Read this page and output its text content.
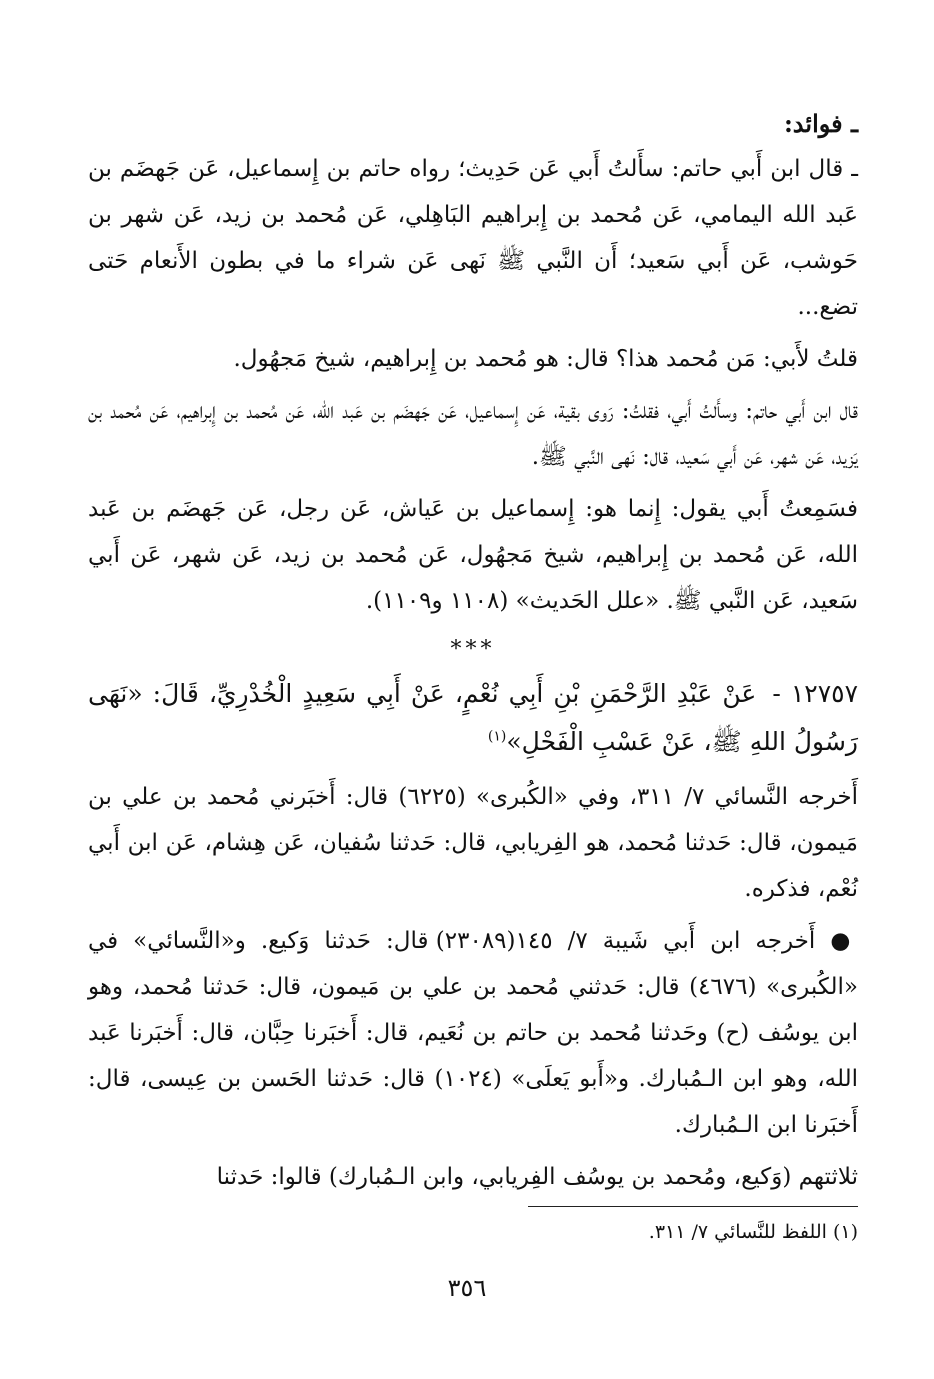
ـ فوائد:

ـ قال ابن أَبي حاتم: سأَلتُ أَبي عَن حَدِيث؛ رواه حاتم بن إِسماعيل، عَن جَهضَم بن عَبد الله اليمامي، عَن مُحمد بن إِبراهيم البَاهِلي، عَن مُحمد بن زيد، عَن شهر بن حَوشب، عَن أَبي سَعيد؛ أَن النَّبي ﷺ نَهى عَن شراء ما في بطون الأَنعام حَتى تضع...

قلتُ لأَبي: مَن مُحمد هذا؟ قال: هو مُحمد بن إِبراهيم، شيخ مَجهُول.

قال ابن أَبي حاتم: وسأَلتُ أَبي، فقلتُ: رَوى بقية، عَن إِسماعيل، عَن جَهضَم بن عَبد الله، عَن مُحمد بن إِبراهيم، عَن مُحمد بن يَزيد، عَن شهر، عَن أَبي سَعيد، قال: نَهى النَّبي ﷺ.

فسَمِعتُ أَبي يقول: إِنما هو: إِسماعيل بن عَياش، عَن رجل، عَن جَهضَم بن عَبد الله، عَن مُحمد بن إِبراهيم، شيخ مَجهُول، عَن مُحمد بن زيد، عَن شهر، عَن أَبي سَعيد، عَن النَّبي ﷺ. «علل الحَديث» (١١٠٨ و١١٠٩).

***

١٢٧٥٧ - عَنْ عَبْدِ الرَّحْمَنِ بْنِ أَبِي نُعْمٍ، عَنْ أَبِي سَعِيدٍ الْخُدْرِيِّ، قَالَ: «نَهَى رَسُولُ اللهِ ﷺ، عَنْ عَسْبِ الْفَحْلِ»$^{(١)}$

أَخرجه النَّسائي ٧/ ٣١١، وفي «الكُبرى» (٦٢٢٥) قال: أَخبَرني مُحمد بن علي بن مَيمون، قال: حَدثنا مُحمد، هو الفِريابي، قال: حَدثنا سُفيان، عَن هِشام، عَن ابن أَبي نُعْم، فذكره.

● أَخرجه ابن أَبي شَيبة ٧/ ١٤٥(٢٣٠٨٩) قال: حَدثنا وَكيع. و«النَّسائي» في «الكُبرى» (٤٦٧٦) قال: حَدثني مُحمد بن علي بن مَيمون، قال: حَدثنا مُحمد، وهو ابن يوسُف (ح) وحَدثنا مُحمد بن حاتم بن نُعَيم، قال: أَخبَرنا حِبَّان، قال: أَخبَرنا عَبد الله، وهو ابن الـمُبارك. و«أَبو يَعلَى» (١٠٢٤) قال: حَدثنا الحَسن بن عِيسى، قال: أَخبَرنا ابن الـمُبارك.

ثلاثتهم (وَكيع، ومُحمد بن يوسُف الفِريابي، وابن الـمُبارك) قالوا: حَدثنا

(١) اللفظ للنَّسائي ٧/ ٣١١.

٣٥٦
